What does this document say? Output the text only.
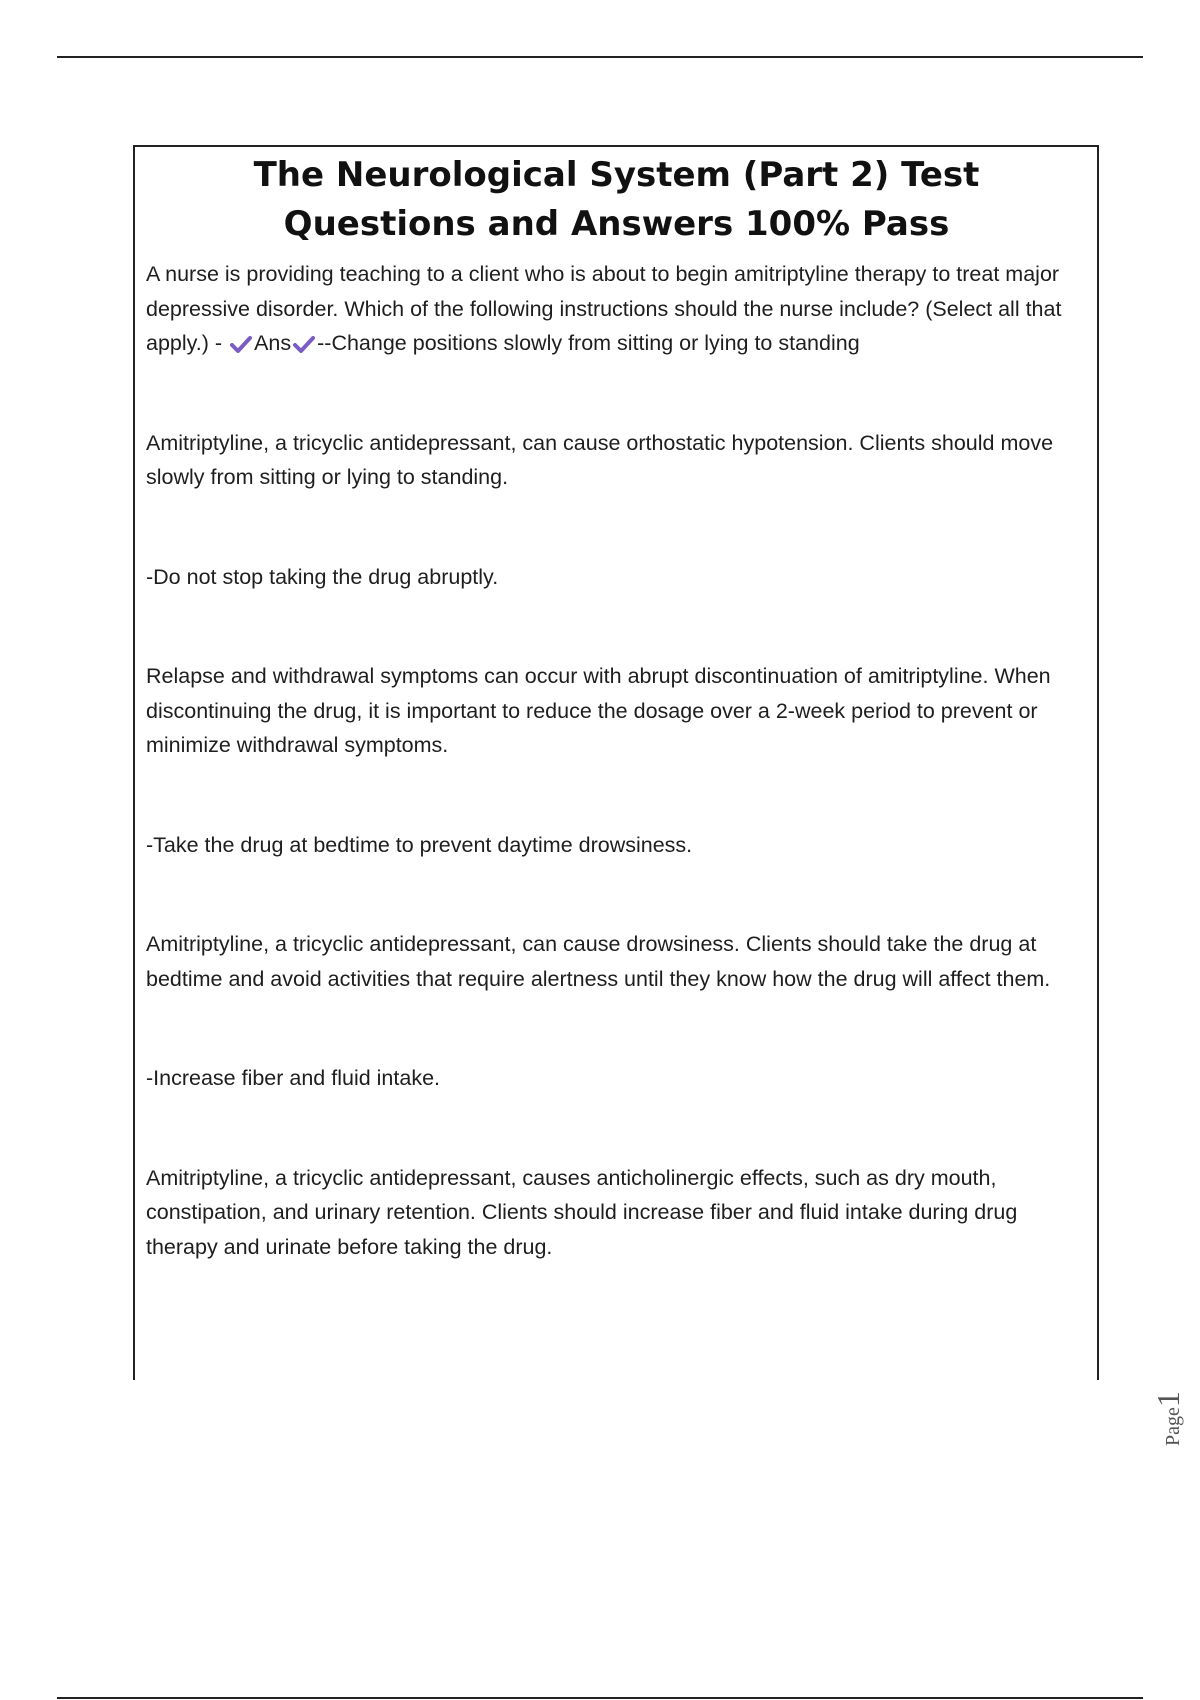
The Neurological System (Part 2) Test Questions and Answers 100% Pass

A nurse is providing teaching to a client who is about to begin amitriptyline therapy to treat major depressive disorder. Which of the following instructions should the nurse include? (Select all that apply.) - Ans --Change positions slowly from sitting or lying to standing

Amitriptyline, a tricyclic antidepressant, can cause orthostatic hypotension. Clients should move slowly from sitting or lying to standing.

-Do not stop taking the drug abruptly.

Relapse and withdrawal symptoms can occur with abrupt discontinuation of amitriptyline. When discontinuing the drug, it is important to reduce the dosage over a 2-week period to prevent or minimize withdrawal symptoms.

-Take the drug at bedtime to prevent daytime drowsiness.

Amitriptyline, a tricyclic antidepressant, can cause drowsiness. Clients should take the drug at bedtime and avoid activities that require alertness until they know how the drug will affect them.

-Increase fiber and fluid intake.

Amitriptyline, a tricyclic antidepressant, causes anticholinergic effects, such as dry mouth, constipation, and urinary retention. Clients should increase fiber and fluid intake during drug therapy and urinate before taking the drug.

Page1
